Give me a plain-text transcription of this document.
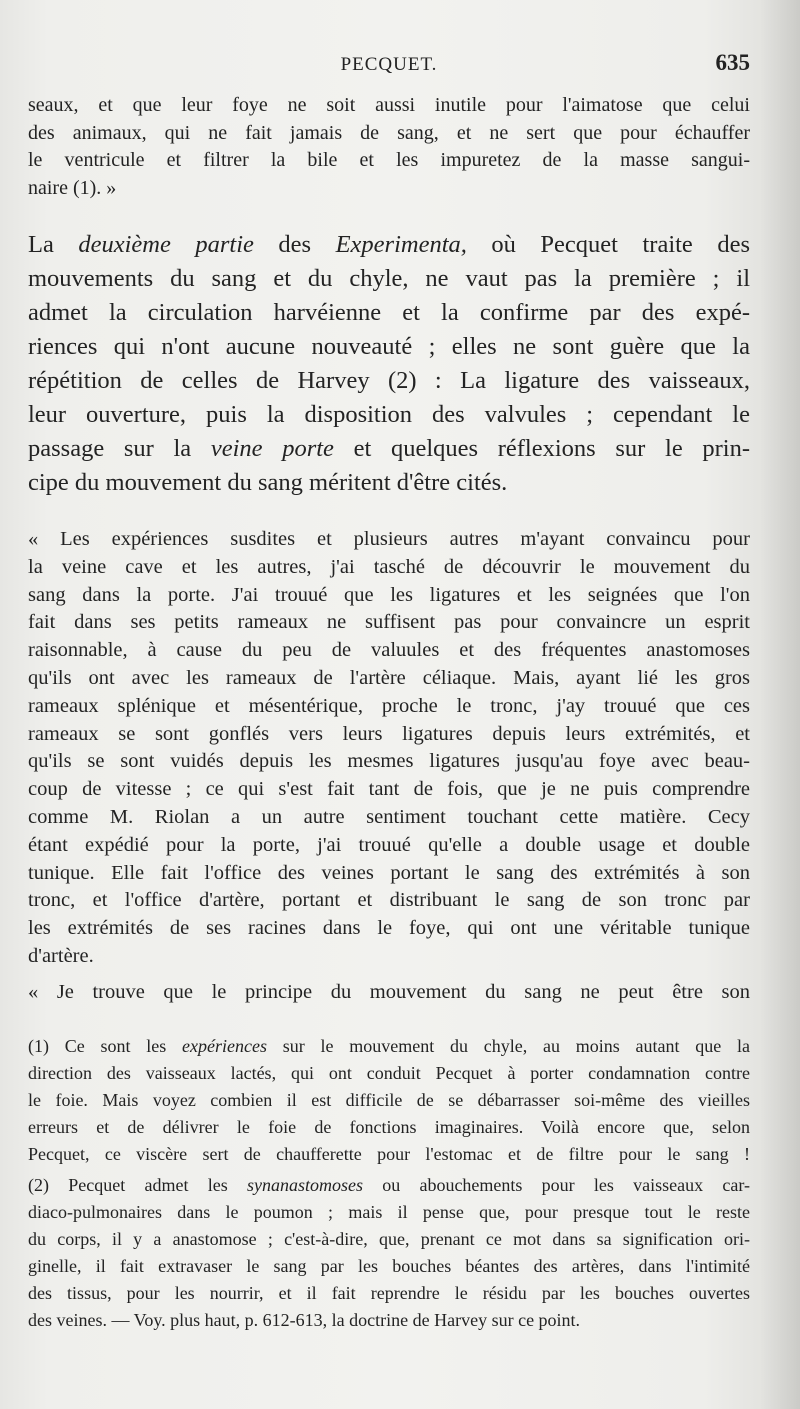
PECQUET.	635
seaux, et que leur foye ne soit aussi inutile pour l'aimatose que celui
des animaux, qui ne fait jamais de sang, et ne sert que pour échauffer
le ventricule et filtrer la bile et les impuretez de la masse sangui-
naire (1). »
La deuxième partie des Experimenta, où Pecquet traite des
mouvements du sang et du chyle, ne vaut pas la première ; il
admet la circulation harvéienne et la confirme par des expé-
riences qui n'ont aucune nouveauté ; elles ne sont guère que la
répétition de celles de Harvey (2) : La ligature des vaisseaux,
leur ouverture, puis la disposition des valvules ; cependant le
passage sur la veine porte et quelques réflexions sur le prin-
cipe du mouvement du sang méritent d'être cités.
« Les expériences susdites et plusieurs autres m'ayant convaincu pour
la veine cave et les autres, j'ai tasché de découvrir le mouvement du
sang dans la porte. J'ai trouué que les ligatures et les seignées que l'on
fait dans ses petits rameaux ne suffisent pas pour convaincre un esprit
raisonnable, à cause du peu de valuules et des fréquentes anastomoses
qu'ils ont avec les rameaux de l'artère céliaque. Mais, ayant lié les gros
rameaux splénique et mésentérique, proche le tronc, j'ay trouué que ces
rameaux se sont gonflés vers leurs ligatures depuis leurs extrémités, et
qu'ils se sont vuidés depuis les mesmes ligatures jusqu'au foye avec beau-
coup de vitesse ; ce qui s'est fait tant de fois, que je ne puis comprendre
comme M. Riolan a un autre sentiment touchant cette matière. Cecy
étant expédié pour la porte, j'ai trouué qu'elle a double usage et double
tunique. Elle fait l'office des veines portant le sang des extrémités à son
tronc, et l'office d'artère, portant et distribuant le sang de son tronc par
les extrémités de ses racines dans le foye, qui ont une véritable tunique
d'artère.
« Je trouve que le principe du mouvement du sang ne peut être son
(1) Ce sont les expériences sur le mouvement du chyle, au moins autant que la
direction des vaisseaux lactés, qui ont conduit Pecquet à porter condamnation contre
le foie. Mais voyez combien il est difficile de se débarrasser soi-même des vieilles
erreurs et de délivrer le foie de fonctions imaginaires. Voilà encore que, selon
Pecquet, ce viscère sert de chaufferette pour l'estomac et de filtre pour le sang !
(2) Pecquet admet les synanastomoses ou abouchements pour les vaisseaux car-
diaco-pulmonaires dans le poumon ; mais il pense que, pour presque tout le reste
du corps, il y a anastomose ; c'est-à-dire, que, prenant ce mot dans sa signification ori-
ginelle, il fait extravaser le sang par les bouches béantes des artères, dans l'intimité
des tissus, pour les nourrir, et il fait reprendre le résidu par les bouches ouvertes
des veines. — Voy. plus haut, p. 612-613, la doctrine de Harvey sur ce point.
